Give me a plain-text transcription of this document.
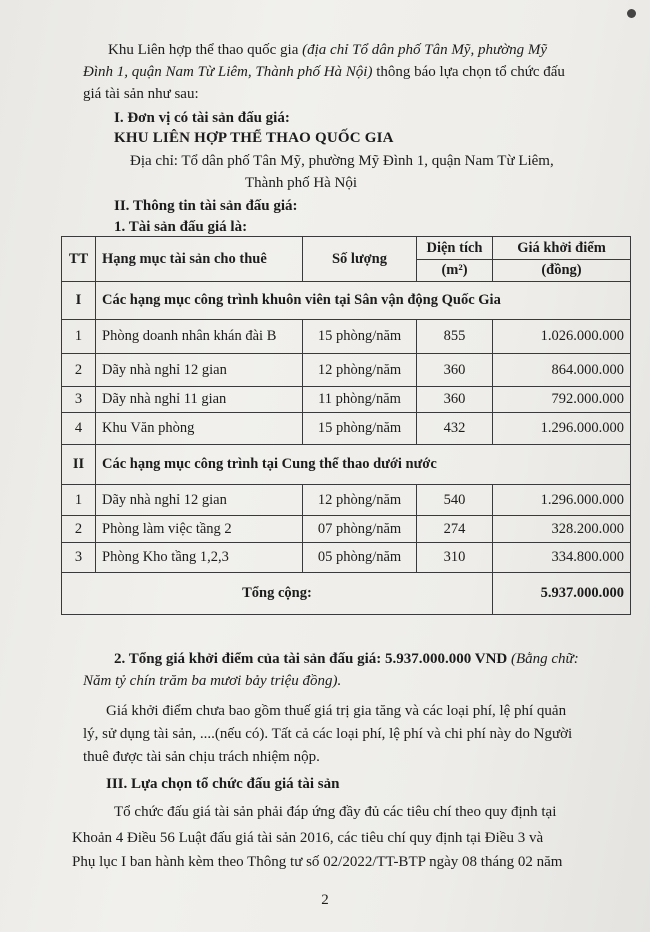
Khu Liên hợp thể thao quốc gia (địa chỉ Tổ dân phố Tân Mỹ, phường Mỹ
Đình 1, quận Nam Từ Liêm, Thành phố Hà Nội) thông báo lựa chọn tổ chức đấu
giá tài sản như sau:
I. Đơn vị có tài sản đấu giá:
KHU LIÊN HỢP THỂ THAO QUỐC GIA
Địa chỉ: Tổ dân phố Tân Mỹ, phường Mỹ Đình 1, quận Nam Từ Liêm,
Thành phố Hà Nội
II. Thông tin tài sản đấu giá:
1. Tài sản đấu giá là:
TT	Hạng mục tài sản cho thuê	Số lượng	Diện tích	Giá khởi điểm
			(m²)	(đồng)
I	Các hạng mục công trình khuôn viên tại Sân vận động Quốc Gia			
1	Phòng doanh nhân khán đài B	15 phòng/năm	855	1.026.000.000
2	Dãy nhà nghỉ 12 gian	12 phòng/năm	360	864.000.000
3	Dãy nhà nghỉ 11 gian	11 phòng/năm	360	792.000.000
4	Khu Văn phòng	15 phòng/năm	432	1.296.000.000
II	Các hạng mục công trình tại Cung thể thao dưới nước			
1	Dãy nhà nghỉ 12 gian	12 phòng/năm	540	1.296.000.000
2	Phòng làm việc tầng 2	07 phòng/năm	274	328.200.000
3	Phòng Kho tầng 1,2,3	05 phòng/năm	310	334.800.000
Tổng cộng:				5.937.000.000
2. Tổng giá khởi điểm của tài sản đấu giá: 5.937.000.000 VND (Bằng chữ:
Năm tỷ chín trăm ba mươi bảy triệu đồng).
Giá khởi điểm chưa bao gồm thuế giá trị gia tăng và các loại phí, lệ phí quản
lý, sử dụng tài sản, ....(nếu có). Tất cả các loại phí, lệ phí và chi phí này do Người
thuê được tài sản chịu trách nhiệm nộp.
III. Lựa chọn tổ chức đấu giá tài sản
Tổ chức đấu giá tài sản phải đáp ứng đầy đủ các tiêu chí theo quy định tại
Khoản 4 Điều 56 Luật đấu giá tài sản 2016, các tiêu chí quy định tại Điều 3 và
Phụ lục I ban hành kèm theo Thông tư số 02/2022/TT-BTP ngày 08 tháng 02 năm
2
